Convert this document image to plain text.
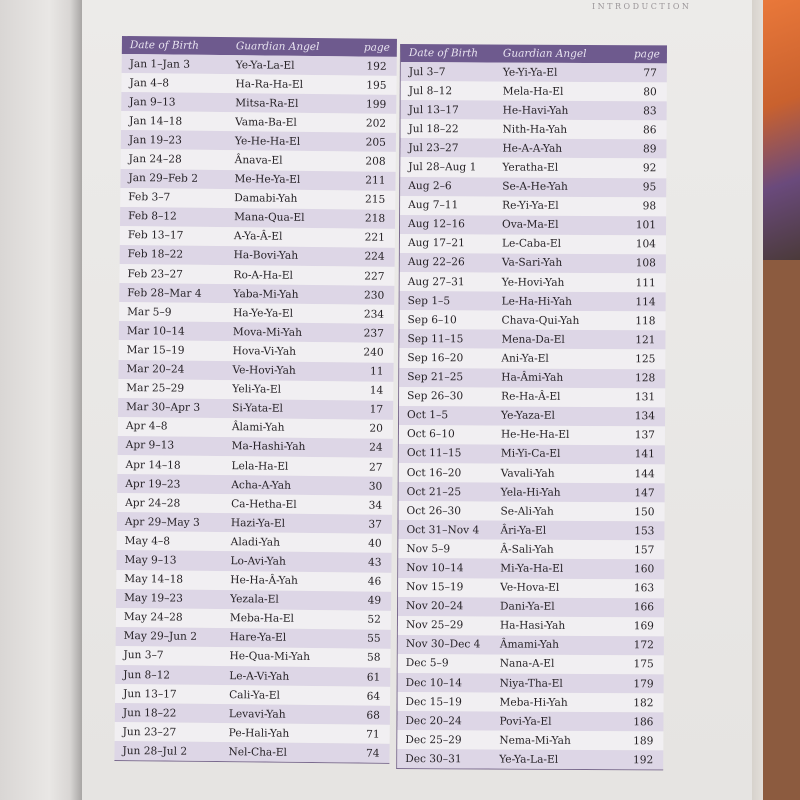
INTRODUCTION
Date of Birth	Guardian Angel	page
Jan 1–Jan 3	Ye-Ya-La-El	192
Jan 4–8	Ha-Ra-Ha-El	195
Jan 9–13	Mitsa-Ra-El	199
Jan 14–18	Vama-Ba-El	202
Jan 19–23	Ye-He-Ha-El	205
Jan 24–28	Ânava-El	208
Jan 29–Feb 2	Me-He-Ya-El	211
Feb 3–7	Damabi-Yah	215
Feb 8–12	Mana-Qua-El	218
Feb 13–17	A-Ya-Â-El	221
Feb 18–22	Ha-Bovi-Yah	224
Feb 23–27	Ro-A-Ha-El	227
Feb 28–Mar 4	Yaba-Mi-Yah	230
Mar 5–9	Ha-Ye-Ya-El	234
Mar 10–14	Mova-Mi-Yah	237
Mar 15–19	Hova-Vi-Yah	240
Mar 20–24	Ve-Hovi-Yah	11
Mar 25–29	Yeli-Ya-El	14
Mar 30–Apr 3	Si-Yata-El	17
Apr 4–8	Âlami-Yah	20
Apr 9–13	Ma-Hashi-Yah	24
Apr 14–18	Lela-Ha-El	27
Apr 19–23	Acha-A-Yah	30
Apr 24–28	Ca-Hetha-El	34
Apr 29–May 3	Hazi-Ya-El	37
May 4–8	Aladi-Yah	40
May 9–13	Lo-Avi-Yah	43
May 14–18	He-Ha-Â-Yah	46
May 19–23	Yezala-El	49
May 24–28	Meba-Ha-El	52
May 29–Jun 2	Hare-Ya-El	55
Jun 3–7	He-Qua-Mi-Yah	58
Jun 8–12	Le-A-Vi-Yah	61
Jun 13–17	Cali-Ya-El	64
Jun 18–22	Levavi-Yah	68
Jun 23–27	Pe-Hali-Yah	71
Jun 28–Jul 2	Nel-Cha-El	74
Date of Birth	Guardian Angel	page
Jul 3–7	Ye-Yi-Ya-El	77
Jul 8–12	Mela-Ha-El	80
Jul 13–17	He-Havi-Yah	83
Jul 18–22	Nith-Ha-Yah	86
Jul 23–27	He-A-A-Yah	89
Jul 28–Aug 1	Yeratha-El	92
Aug 2–6	Se-A-He-Yah	95
Aug 7–11	Re-Yi-Ya-El	98
Aug 12–16	Ova-Ma-El	101
Aug 17–21	Le-Caba-El	104
Aug 22–26	Va-Sari-Yah	108
Aug 27–31	Ye-Hovi-Yah	111
Sep 1–5	Le-Ha-Hi-Yah	114
Sep 6–10	Chava-Qui-Yah	118
Sep 11–15	Mena-Da-El	121
Sep 16–20	Ani-Ya-El	125
Sep 21–25	Ha-Âmi-Yah	128
Sep 26–30	Re-Ha-Â-El	131
Oct 1–5	Ye-Yaza-El	134
Oct 6–10	He-He-Ha-El	137
Oct 11–15	Mi-Yi-Ca-El	141
Oct 16–20	Vavali-Yah	144
Oct 21–25	Yela-Hi-Yah	147
Oct 26–30	Se-Ali-Yah	150
Oct 31–Nov 4	Âri-Ya-El	153
Nov 5–9	Â-Sali-Yah	157
Nov 10–14	Mi-Ya-Ha-El	160
Nov 15–19	Ve-Hova-El	163
Nov 20–24	Dani-Ya-El	166
Nov 25–29	Ha-Hasi-Yah	169
Nov 30–Dec 4	Âmami-Yah	172
Dec 5–9	Nana-A-El	175
Dec 10–14	Niya-Tha-El	179
Dec 15–19	Meba-Hi-Yah	182
Dec 20–24	Povi-Ya-El	186
Dec 25–29	Nema-Mi-Yah	189
Dec 30–31	Ye-Ya-La-El	192
